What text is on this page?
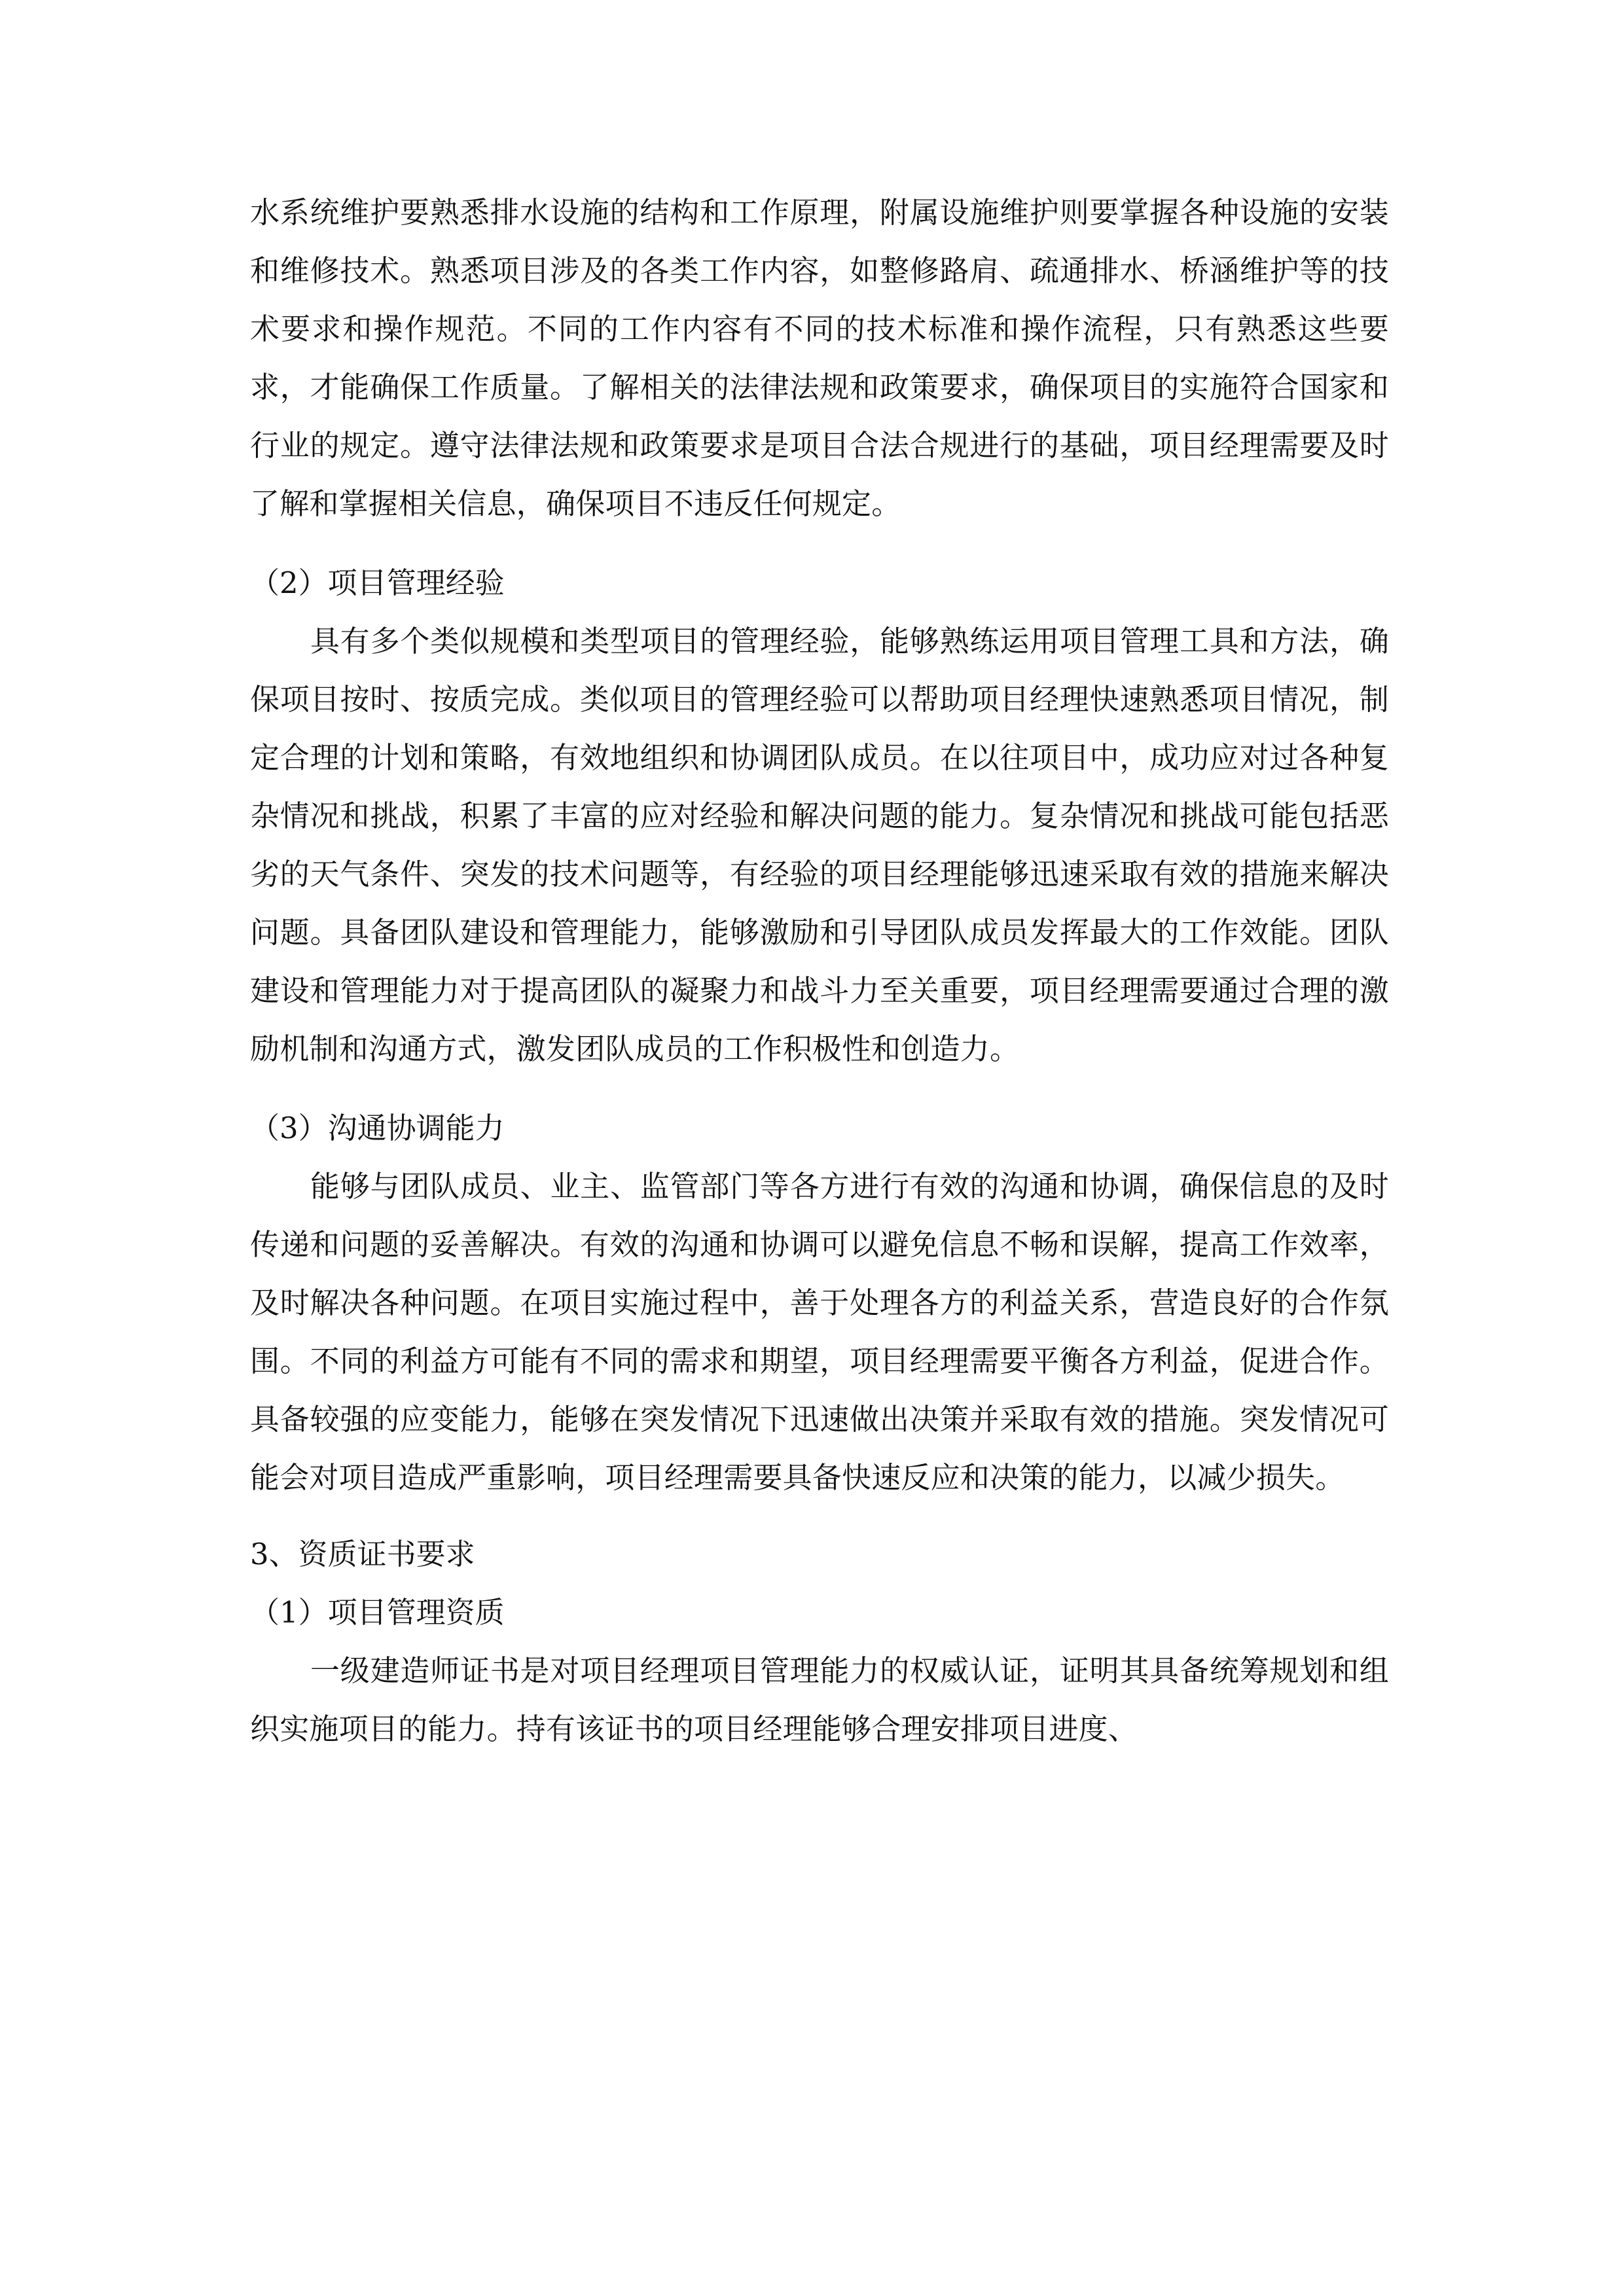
水系统维护要熟悉排水设施的结构和工作原理，附属设施维护则要掌握各种设施的安装和维修技术。熟悉项目涉及的各类工作内容，如整修路肩、疏通排水、桥涵维护等的技术要求和操作规范。不同的工作内容有不同的技术标准和操作流程，只有熟悉这些要求，才能确保工作质量。了解相关的法律法规和政策要求，确保项目的实施符合国家和行业的规定。遵守法律法规和政策要求是项目合法合规进行的基础，项目经理需要及时了解和掌握相关信息，确保项目不违反任何规定。

（2）项目管理经验

具有多个类似规模和类型项目的管理经验，能够熟练运用项目管理工具和方法，确保项目按时、按质完成。类似项目的管理经验可以帮助项目经理快速熟悉项目情况，制定合理的计划和策略，有效地组织和协调团队成员。在以往项目中，成功应对过各种复杂情况和挑战，积累了丰富的应对经验和解决问题的能力。复杂情况和挑战可能包括恶劣的天气条件、突发的技术问题等，有经验的项目经理能够迅速采取有效的措施来解决问题。具备团队建设和管理能力，能够激励和引导团队成员发挥最大的工作效能。团队建设和管理能力对于提高团队的凝聚力和战斗力至关重要，项目经理需要通过合理的激励机制和沟通方式，激发团队成员的工作积极性和创造力。

（3）沟通协调能力

能够与团队成员、业主、监管部门等各方进行有效的沟通和协调，确保信息的及时传递和问题的妥善解决。有效的沟通和协调可以避免信息不畅和误解，提高工作效率，及时解决各种问题。在项目实施过程中，善于处理各方的利益关系，营造良好的合作氛围。不同的利益方可能有不同的需求和期望，项目经理需要平衡各方利益，促进合作。具备较强的应变能力，能够在突发情况下迅速做出决策并采取有效的措施。突发情况可能会对项目造成严重影响，项目经理需要具备快速反应和决策的能力，以减少损失。

3、资质证书要求

（1）项目管理资质

一级建造师证书是对项目经理项目管理能力的权威认证，证明其具备统筹规划和组织实施项目的能力。持有该证书的项目经理能够合理安排项目进度、
